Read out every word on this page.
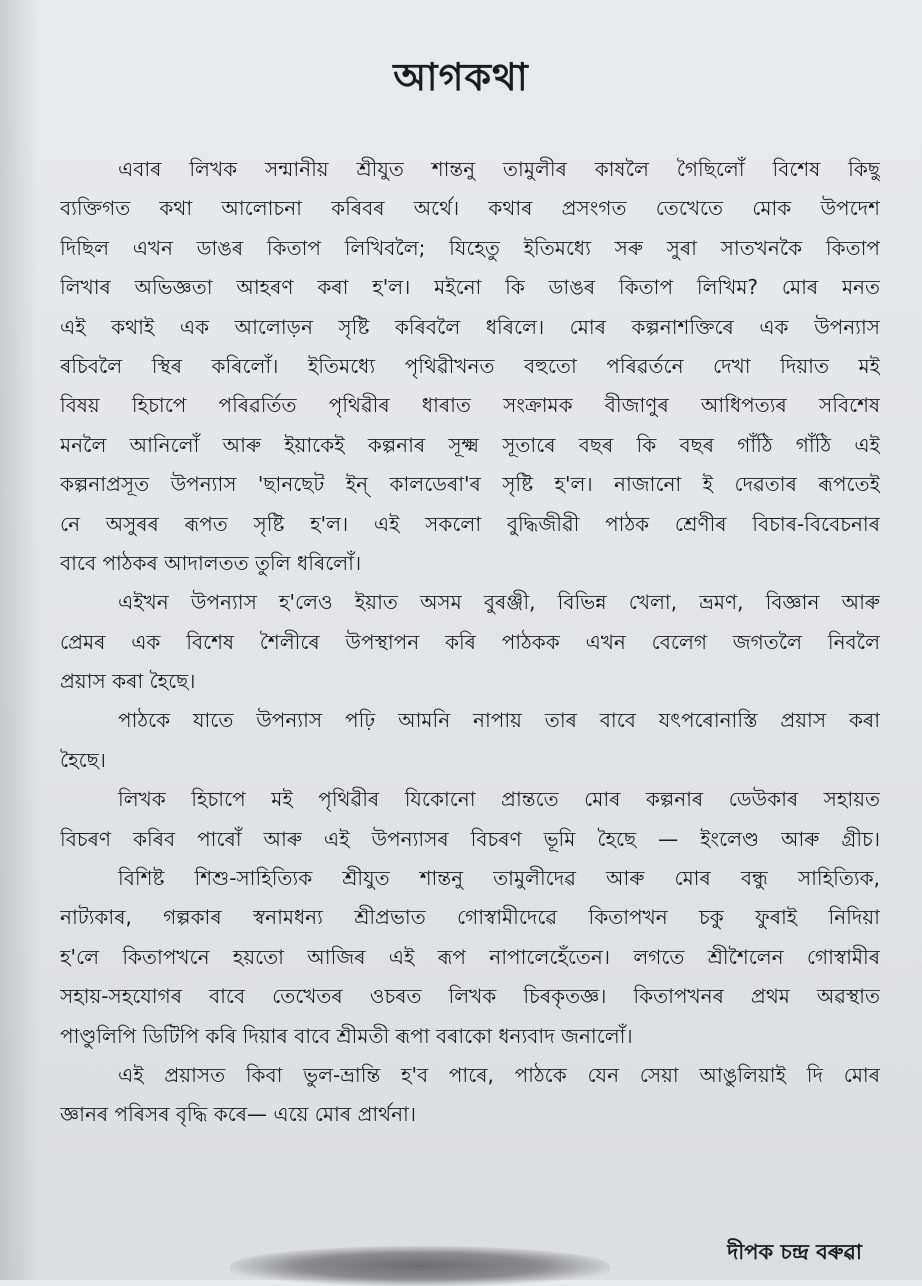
আগকথা
এবাৰ লিখক সন্মানীয় শ্ৰীযুত শান্তনু তামুলীৰ কাষলৈ গৈছিলোঁ বিশেষ কিছু
ব্যক্তিগত কথা আলোচনা কৰিবৰ অৰ্থে। কথাৰ প্ৰসংগত তেখেতে মোক উপদেশ
দিছিল এখন ডাঙৰ কিতাপ লিখিবলৈ; যিহেতু ইতিমধ্যে সৰু সুৰা সাতখনকৈ কিতাপ
লিখাৰ অভিজ্ঞতা আহৰণ কৰা হ'ল। মইনো কি ডাঙৰ কিতাপ লিখিম? মোৰ মনত
এই কথাই এক আলোড়ন সৃষ্টি কৰিবলৈ ধৰিলে। মোৰ কল্পনাশক্তিৰে এক উপন্যাস
ৰচিবলৈ স্থিৰ কৰিলোঁ। ইতিমধ্যে পৃথিৱীখনত বহুতো পৰিৱৰ্তনে দেখা দিয়াত মই
বিষয় হিচাপে পৰিৱৰ্তিত পৃথিৱীৰ ধাৰাত সংক্ৰামক বীজাণুৰ আধিপত্যৰ সবিশেষ
মনলৈ আনিলোঁ আৰু ইয়াকেই কল্পনাৰ সূক্ষ্ম সূতাৰে বছৰ কি বছৰ গাঁঠি গাঁঠি এই
কল্পনাপ্ৰসূত উপন্যাস 'ছানছেট ইন্ কালডেৰা'ৰ সৃষ্টি হ'ল। নাজানো ই দেৱতাৰ ৰূপতেই
নে অসুৰৰ ৰূপত সৃষ্টি হ'ল। এই সকলো বুদ্ধিজীৱী পাঠক শ্ৰেণীৰ বিচাৰ-বিবেচনাৰ
বাবে পাঠকৰ আদালতত তুলি ধৰিলোঁ।
এইখন উপন্যাস হ'লেও ইয়াত অসম বুৰঞ্জী, বিভিন্ন খেলা, ভ্ৰমণ, বিজ্ঞান আৰু
প্ৰেমৰ এক বিশেষ শৈলীৰে উপস্থাপন কৰি পাঠকক এখন বেলেগ জগতলৈ নিবলৈ
প্ৰয়াস কৰা হৈছে।
পাঠকে যাতে উপন্যাস পঢ়ি আমনি নাপায় তাৰ বাবে যৎপৰোনাস্তি প্ৰয়াস কৰা
হৈছে।
লিখক হিচাপে মই পৃথিৱীৰ যিকোনো প্ৰান্ততে মোৰ কল্পনাৰ ডেউকাৰ সহায়ত
বিচৰণ কৰিব পাৰোঁ আৰু এই উপন্যাসৰ বিচৰণ ভূমি হৈছে — ইংলেণ্ড আৰু গ্ৰীচ।
বিশিষ্ট শিশু-সাহিত্যিক শ্ৰীযুত শান্তনু তামুলীদেৱ আৰু মোৰ বন্ধু সাহিত্যিক,
নাট্যকাৰ, গল্পকাৰ স্বনামধন্য শ্ৰীপ্ৰভাত গোস্বামীদেৱে কিতাপখন চকু ফুৰাই নিদিয়া
হ'লে কিতাপখনে হয়তো আজিৰ এই ৰূপ নাপালেহেঁতেন। লগতে শ্ৰীশৈলেন গোস্বামীৰ
সহায়-সহযোগৰ বাবে তেখেতৰ ওচৰত লিখক চিৰকৃতজ্ঞ। কিতাপখনৰ প্ৰথম অৱস্থাত
পাণ্ডুলিপি ডিটিপি কৰি দিয়াৰ বাবে শ্ৰীমতী ৰূপা বৰাকো ধন্যবাদ জনালোঁ।
এই প্ৰয়াসত কিবা ভুল-ভ্ৰান্তি হ'ব পাৰে, পাঠকে যেন সেয়া আঙুলিয়াই দি মোৰ
জ্ঞানৰ পৰিসৰ বৃদ্ধি কৰে— এয়ে মোৰ প্ৰাৰ্থনা।
দীপক চন্দ্ৰ বৰুৱা
